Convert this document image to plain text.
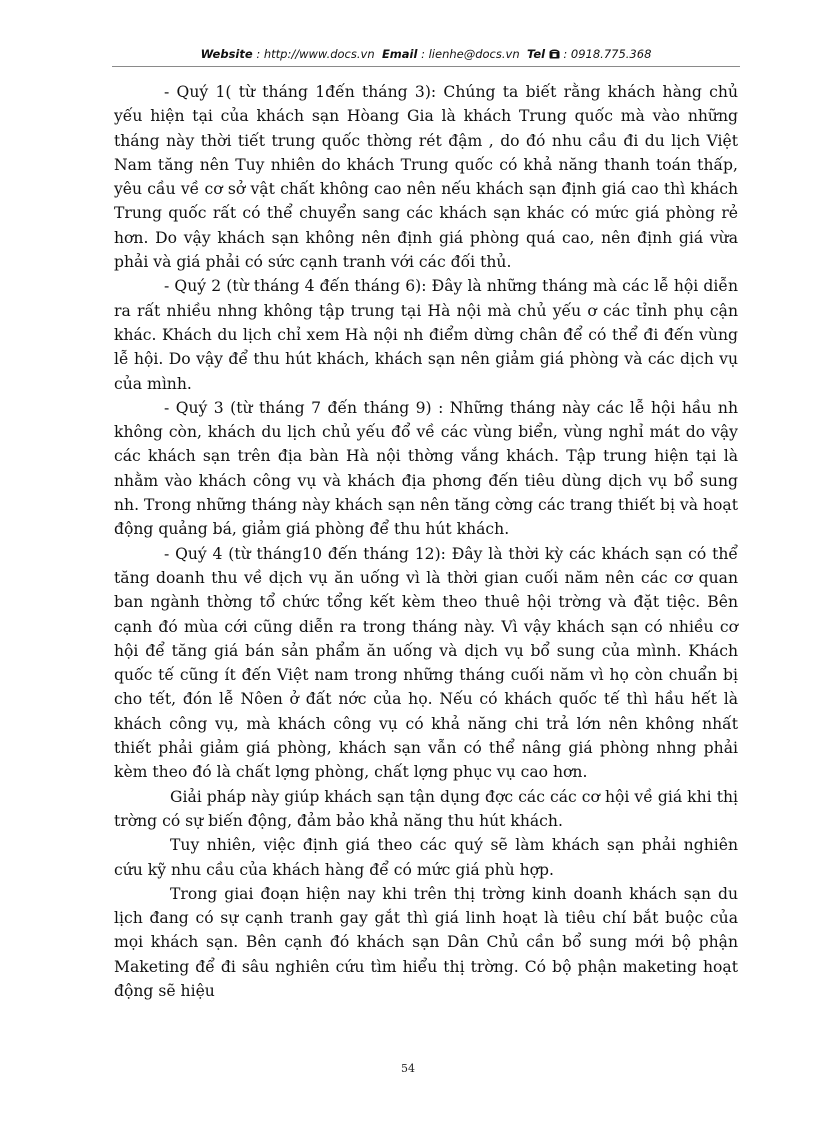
Website : http://www.docs.vn Email : lienhe@docs.vn Tel : 0918.775.368

- Quý 1( từ tháng 1đến tháng 3): Chúng ta biết rằng khách hàng chủ yếu hiện tại của khách sạn Hòang Gia là khách Trung quốc mà vào những tháng này thời tiết trung quốc thờng rét đậm , do đó nhu cầu đi du lịch Việt Nam tăng nên Tuy nhiên do khách Trung quốc có khả năng thanh toán thấp, yêu cầu về cơ sở vật chất không cao nên nếu khách sạn định giá cao thì khách Trung quốc rất có thể chuyển sang các khách sạn khác có mức giá phòng rẻ hơn. Do vậy khách sạn không nên định giá phòng quá cao, nên định giá vừa phải và giá phải có sức cạnh tranh với các đối thủ.

- Quý 2 (từ tháng 4 đến tháng 6): Đây là những tháng mà các lễ hội diễn ra rất nhiều nhng không tập trung tại Hà nội mà chủ yếu ơ các tỉnh phụ cận khác. Khách du lịch chỉ xem Hà nội nh điểm dừng chân để có thể đi đến vùng lễ hội. Do vậy để thu hút khách, khách sạn nên giảm giá phòng và các dịch vụ của mình.

- Quý 3 (từ tháng 7 đến tháng 9) : Những tháng này các lễ hội hầu nh không còn, khách du lịch chủ yếu đổ về các vùng biển, vùng nghỉ mát do vậy các khách sạn trên địa bàn Hà nội thờng vắng khách. Tập trung hiện tại là nhằm vào khách công vụ và khách địa phơng đến tiêu dùng dịch vụ bổ sung nh. Trong những tháng này khách sạn nên tăng cờng các trang thiết bị và hoạt động quảng bá, giảm giá phòng để thu hút khách.

- Quý 4 (từ tháng10 đến tháng 12): Đây là thời kỳ các khách sạn có thể tăng doanh thu về dịch vụ ăn uống vì là thời gian cuối năm nên các cơ quan ban ngành thờng tổ chức tổng kết kèm theo thuê hội trờng và đặt tiệc. Bên cạnh đó mùa cới cũng diễn ra trong tháng này. Vì vậy khách sạn có nhiều cơ hội để tăng giá bán sản phẩm ăn uống và dịch vụ bổ sung của mình. Khách quốc tế cũng ít đến Việt nam trong những tháng cuối năm vì họ còn chuẩn bị cho tết, đón lễ Nôen ở đất nớc của họ. Nếu có khách quốc tế thì hầu hết là khách công vụ, mà khách công vụ có khả năng chi trả lớn nên không nhất thiết phải giảm giá phòng, khách sạn vẫn có thể nâng giá phòng nhng phải kèm theo đó là chất lợng phòng, chất lợng phục vụ cao hơn.

Giải pháp này giúp khách sạn tận dụng đợc các các cơ hội về giá khi thị trờng có sự biến động, đảm bảo khả năng thu hút khách.

Tuy nhiên, việc định giá theo các quý sẽ làm khách sạn phải nghiên cứu kỹ nhu cầu của khách hàng để có mức giá phù hợp.

Trong giai đoạn hiện nay khi trên thị trờng kinh doanh khách sạn du lịch đang có sự cạnh tranh gay gắt thì giá linh hoạt là tiêu chí bắt buộc của mọi khách sạn. Bên cạnh đó khách sạn Dân Chủ cần bổ sung mới bộ phận Maketing để đi sâu nghiên cứu tìm hiểu thị trờng. Có bộ phận maketing hoạt động sẽ hiệu

54
